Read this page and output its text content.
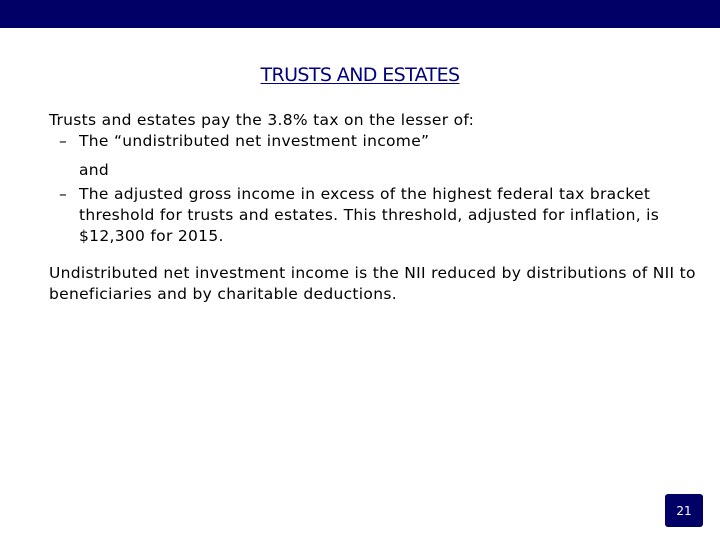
TRUSTS AND ESTATES

Trusts and estates pay the 3.8% tax on the lesser of:

– The “undistributed net investment income”

and

– The adjusted gross income in excess of the highest federal tax bracket threshold for trusts and estates. This threshold, adjusted for inflation, is $12,300 for 2015.

Undistributed net investment income is the NII reduced by distributions of NII to beneficiaries and by charitable deductions.

21
